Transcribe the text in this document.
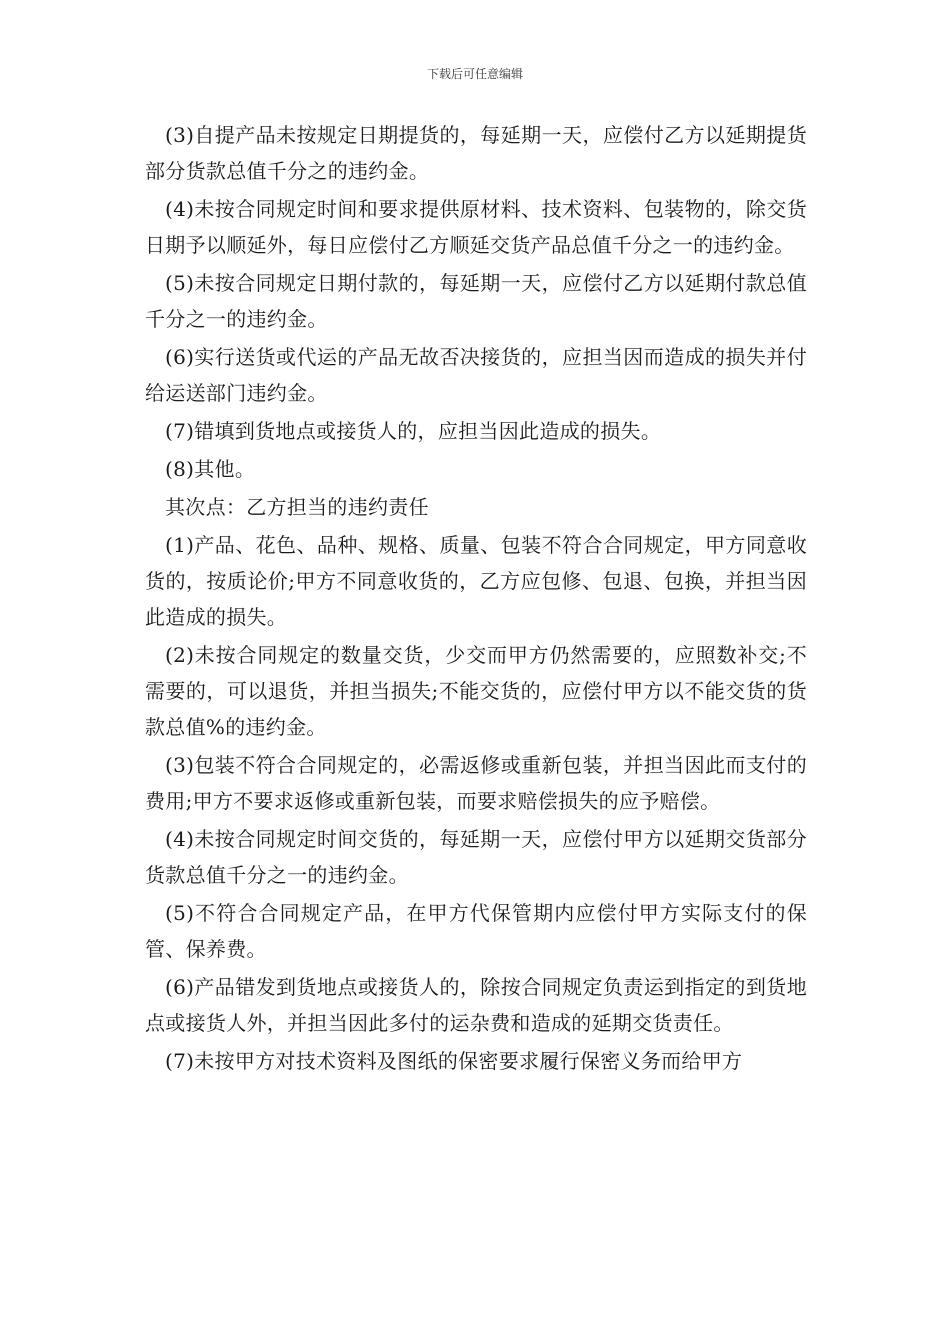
下载后可任意编辑

(3)自提产品未按规定日期提货的，每延期一天，应偿付乙方以延期提货部分货款总值千分之的违约金。

(4)未按合同规定时间和要求提供原材料、技术资料、包装物的，除交货日期予以顺延外，每日应偿付乙方顺延交货产品总值千分之一的违约金。

(5)未按合同规定日期付款的，每延期一天，应偿付乙方以延期付款总值千分之一的违约金。

(6)实行送货或代运的产品无故否决接货的，应担当因而造成的损失并付给运送部门违约金。

(7)错填到货地点或接货人的，应担当因此造成的损失。

(8)其他。

其次点：乙方担当的违约责任

(1)产品、花色、品种、规格、质量、包装不符合合同规定，甲方同意收货的，按质论价;甲方不同意收货的，乙方应包修、包退、包换，并担当因此造成的损失。

(2)未按合同规定的数量交货，少交而甲方仍然需要的，应照数补交;不需要的，可以退货，并担当损失;不能交货的，应偿付甲方以不能交货的货款总值%的违约金。

(3)包装不符合合同规定的，必需返修或重新包装，并担当因此而支付的费用;甲方不要求返修或重新包装，而要求赔偿损失的应予赔偿。

(4)未按合同规定时间交货的，每延期一天，应偿付甲方以延期交货部分货款总值千分之一的违约金。

(5)不符合合同规定产品，在甲方代保管期内应偿付甲方实际支付的保管、保养费。

(6)产品错发到货地点或接货人的，除按合同规定负责运到指定的到货地点或接货人外，并担当因此多付的运杂费和造成的延期交货责任。

(7)未按甲方对技术资料及图纸的保密要求履行保密义务而给甲方
